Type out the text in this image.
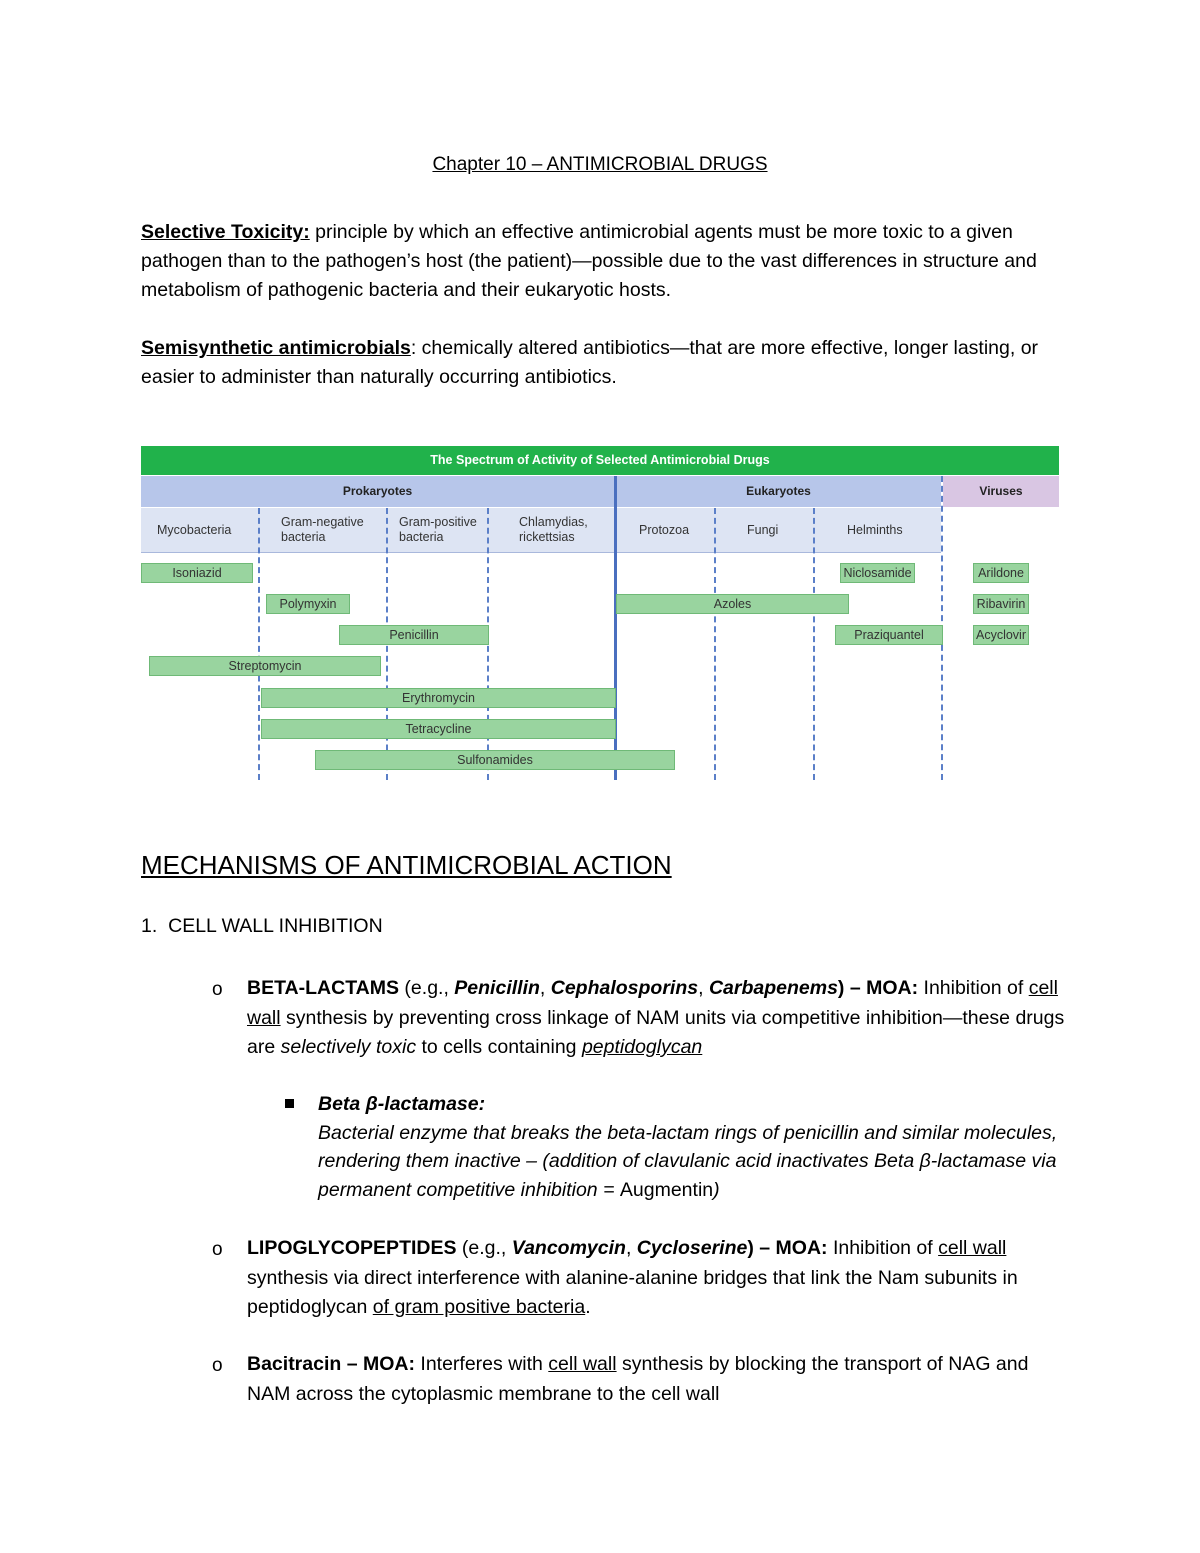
Chapter 10 – ANTIMICROBIAL DRUGS
Selective Toxicity: principle by which an effective antimicrobial agents must be more toxic to a given pathogen than to the pathogen’s host (the patient)—possible due to the vast differences in structure and metabolism of pathogenic bacteria and their eukaryotic hosts.
Semisynthetic antimicrobials: chemically altered antibiotics—that are more effective, longer lasting, or easier to administer than naturally occurring antibiotics.
The Spectrum of Activity of Selected Antimicrobial Drugs
Prokaryotes	Eukaryotes	Viruses
Mycobacteria
Gram-negative bacteria
Gram-positive bacteria
Chlamydias, rickettsias
Protozoa	Fungi	Helminths
Isoniazid
Polymyxin
Penicillin
Streptomycin
Erythromycin
Tetracycline
Sulfonamides
Azoles
Niclosamide
Praziquantel
Arildone
Ribavirin
Acyclovir
MECHANISMS OF ANTIMICROBIAL ACTION
1. CELL WALL INHIBITION
o BETA-LACTAMS (e.g., Penicillin, Cephalosporins, Carbapenems) – MOA: Inhibition of cell wall synthesis by preventing cross linkage of NAM units via competitive inhibition—these drugs are selectively toxic to cells containing peptidoglycan
Beta β-lactamase:
Bacterial enzyme that breaks the beta-lactam rings of penicillin and similar molecules, rendering them inactive – (addition of clavulanic acid inactivates Beta β-lactamase via permanent competitive inhibition = Augmentin)
o LIPOGLYCOPEPTIDES (e.g., Vancomycin, Cycloserine) – MOA: Inhibition of cell wall synthesis via direct interference with alanine-alanine bridges that link the Nam subunits in peptidoglycan of gram positive bacteria.
o Bacitracin – MOA: Interferes with cell wall synthesis by blocking the transport of NAG and NAM across the cytoplasmic membrane to the cell wall
